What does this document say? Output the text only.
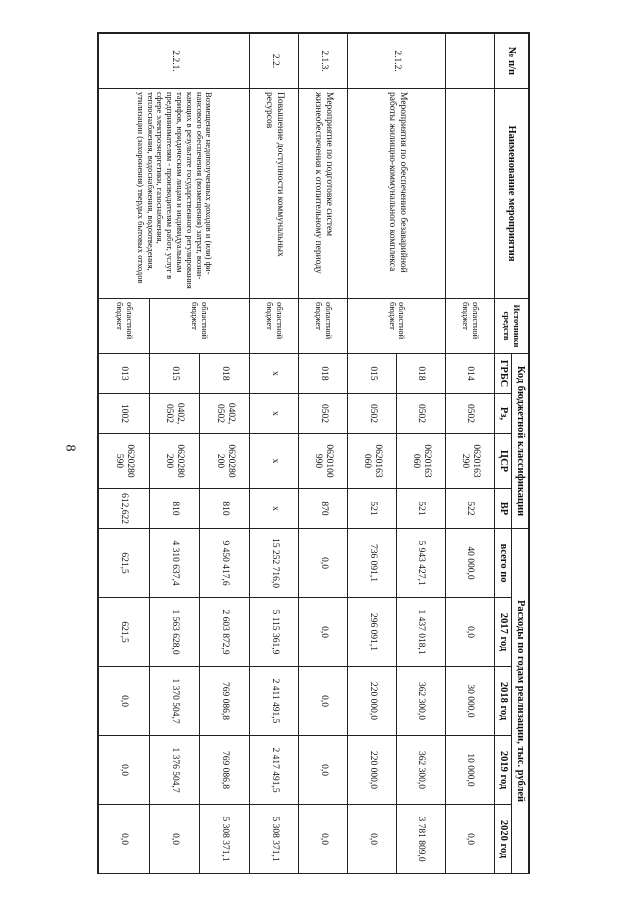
8
№ п/п	Наименование мероприятия	Источники средств	Код бюджетной классификации				Расходы по годам реализации, тыс. рублей				
			ГРБС	Рз,	ЦСР	ВР	всего по	2017 год	2018 год	2019 год	2020 год
		областной бюджет	014	0502	0620163 290	522	40 000,0	0,0	30 000,0	10 000,0	0,0
2.1.2.	Мероприятия по обеспечению безаварийной работы жилищно-коммунального комплекса	областной бюджет	018	0502	0620163 060	521	5 943 427,1	1 437 018,1	362 300,0	362 300,0	3 781 809,0
			015	0502	0620163 060	521	736 091,1	296 091,1	220 000,0	220 000,0	0,0
2.1.3.	Мероприятие по подготовке систем жизнеобеспечения к отопительному периоду	областной бюджет	018	0502	0620100 990	870	0,0	0,0	0,0	0,0	0,0
2.2.	Повышение доступности коммунальных ресурсов	областной бюджет	x	x	x	x	15 252 716,0	5 115 361,9	2 411 491,5	2 417 491,5	5 308 371,1
2.2.1.	Возмещение недополученных доходов и (или) финансового обеспечения (возмещения) затрат, возникающих в результате государственного регулирования тарифов, юридическим лицам и индивидуальным предпринимателям - производителям работ, услуг в сфере электроэнергетики, газоснабжения, теплоснабжения, водоснабжения, водоотведения, утилизации (захоронения) твердых бытовых отходов	областной бюджет	018	0402, 0502	0620280 200	810	9 450 417,6	2 603 872,9	769 086,8	769 086,8	5 308 371,1
			015	0402, 0502	0620280 200	810	4 310 637,4	1 563 628,0	1 370 504,7	1 376 504,7	0,0
		областной бюджет	013	1002	0620280 590	612,622	621,5	621,5	0,0	0,0	0,0
